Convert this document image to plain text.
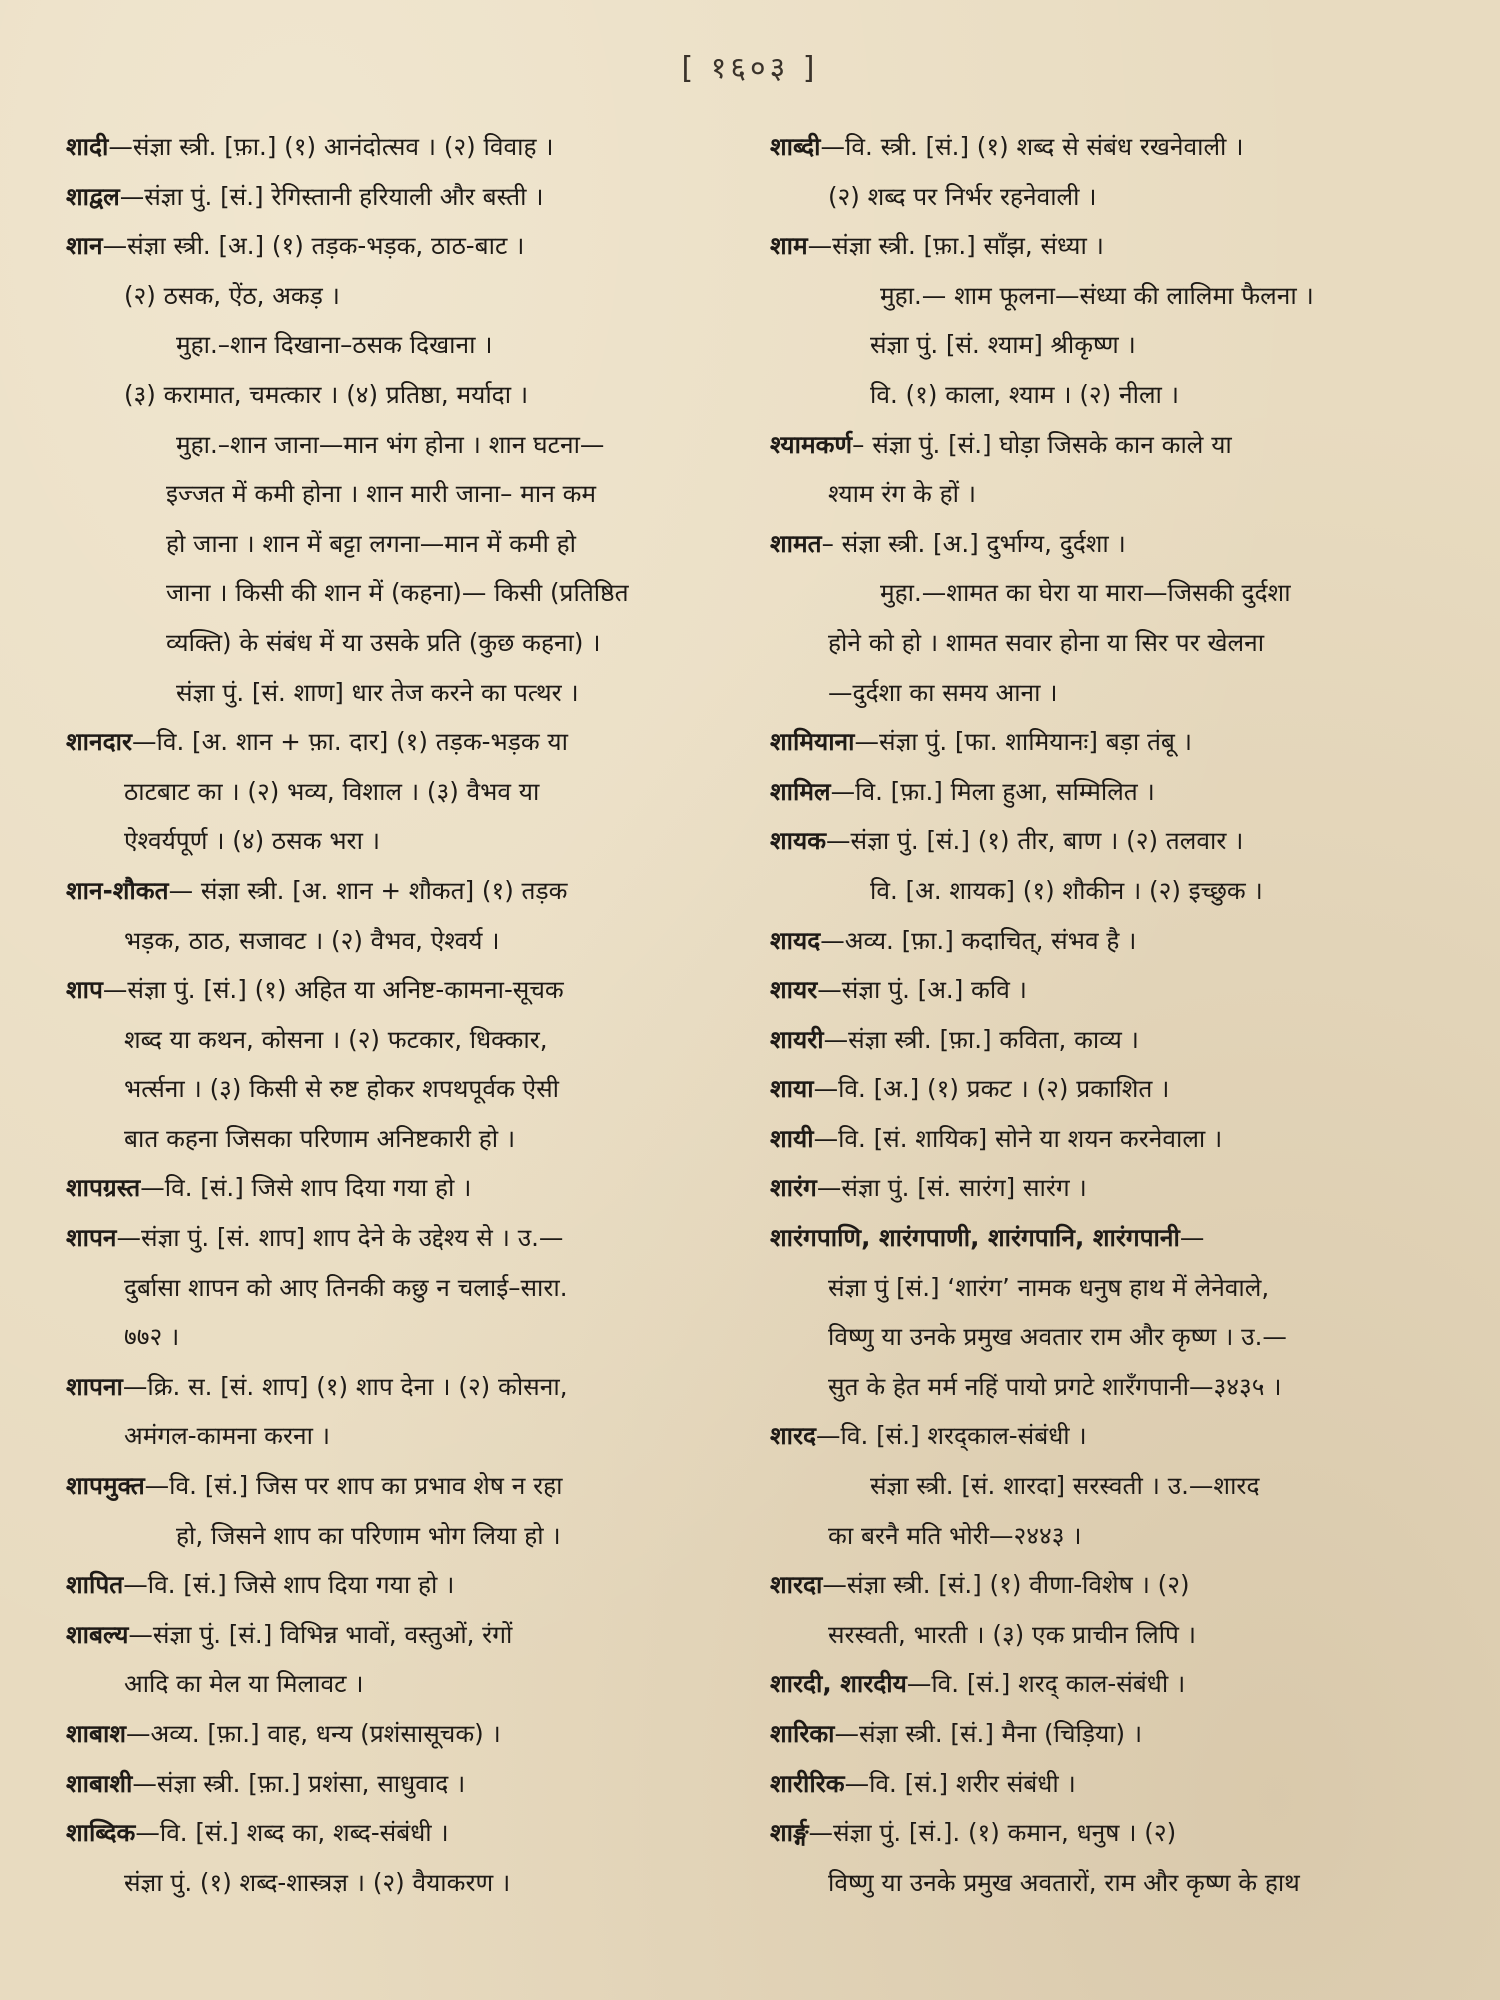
[ १६०३ ]
शादी—संज्ञा स्त्री. [फ़ा.] (१) आनंदोत्सव । (२) विवाह ।
शाद्वल—संज्ञा पुं. [सं.] रेगिस्तानी हरियाली और बस्ती ।
शान—संज्ञा स्त्री. [अ.] (१) तड़क-भड़क, ठाठ-बाट ।
(२) ठसक, ऐंठ, अकड़ ।
मुहा.–शान दिखाना–ठसक दिखाना ।
(३) करामात, चमत्कार । (४) प्रतिष्ठा, मर्यादा ।
मुहा.–शान जाना—मान भंग होना । शान घटना—
इज्जत में कमी होना । शान मारी जाना– मान कम
हो जाना । शान में बट्टा लगना—मान में कमी हो
जाना । किसी की शान में (कहना)— किसी (प्रतिष्ठित
व्यक्ति) के संबंध में या उसके प्रति (कुछ कहना) ।
संज्ञा पुं. [सं. शाण] धार तेज करने का पत्थर ।
शानदार—वि. [अ. शान + फ़ा. दार] (१) तड़क-भड़क या
ठाटबाट का । (२) भव्य, विशाल । (३) वैभव या
ऐश्वर्यपूर्ण । (४) ठसक भरा ।
शान-शौकत— संज्ञा स्त्री. [अ. शान + शौकत] (१) तड़क
भड़क, ठाठ, सजावट । (२) वैभव, ऐश्वर्य ।
शाप—संज्ञा पुं. [सं.] (१) अहित या अनिष्ट-कामना-सूचक
शब्द या कथन, कोसना । (२) फटकार, धिक्कार,
भर्त्सना । (३) किसी से रुष्ट होकर शपथपूर्वक ऐसी
बात कहना जिसका परिणाम अनिष्टकारी हो ।
शापग्रस्त—वि. [सं.] जिसे शाप दिया गया हो ।
शापन—संज्ञा पुं. [सं. शाप] शाप देने के उद्देश्य से । उ.—
दुर्बासा शापन को आए तिनकी कछु न चलाई–सारा.
७७२ ।
शापना—क्रि. स. [सं. शाप] (१) शाप देना । (२) कोसना,
अमंगल-कामना करना ।
शापमुक्त—वि. [सं.] जिस पर शाप का प्रभाव शेष न रहा
हो, जिसने शाप का परिणाम भोग लिया हो ।
शापित—वि. [सं.] जिसे शाप दिया गया हो ।
शाबल्य—संज्ञा पुं. [सं.] विभिन्न भावों, वस्तुओं, रंगों
आदि का मेल या मिलावट ।
शाबाश—अव्य. [फ़ा.] वाह, धन्य (प्रशंसासूचक) ।
शाबाशी—संज्ञा स्त्री. [फ़ा.] प्रशंसा, साधुवाद ।
शाब्दिक—वि. [सं.] शब्द का, शब्द-संबंधी ।
संज्ञा पुं. (१) शब्द-शास्त्रज्ञ । (२) वैयाकरण ।
शाब्दी—वि. स्त्री. [सं.] (१) शब्द से संबंध रखनेवाली ।
(२) शब्द पर निर्भर रहनेवाली ।
शाम—संज्ञा स्त्री. [फ़ा.] साँझ, संध्या ।
मुहा.— शाम फूलना—संध्या की लालिमा फैलना ।
संज्ञा पुं. [सं. श्याम] श्रीकृष्ण ।
वि. (१) काला, श्याम । (२) नीला ।
श्यामकर्ण– संज्ञा पुं. [सं.] घोड़ा जिसके कान काले या
श्याम रंग के हों ।
शामत– संज्ञा स्त्री. [अ.] दुर्भाग्य, दुर्दशा ।
मुहा.—शामत का घेरा या मारा—जिसकी दुर्दशा
होने को हो । शामत सवार होना या सिर पर खेलना
—दुर्दशा का समय आना ।
शामियाना—संज्ञा पुं. [फा. शामियानः] बड़ा तंबू ।
शामिल—वि. [फ़ा.] मिला हुआ, सम्मिलित ।
शायक—संज्ञा पुं. [सं.] (१) तीर, बाण । (२) तलवार ।
वि. [अ. शायक] (१) शौकीन । (२) इच्छुक ।
शायद—अव्य. [फ़ा.] कदाचित्, संभव है ।
शायर—संज्ञा पुं. [अ.] कवि ।
शायरी—संज्ञा स्त्री. [फ़ा.] कविता, काव्य ।
शाया—वि. [अ.] (१) प्रकट । (२) प्रकाशित ।
शायी—वि. [सं. शायिक] सोने या शयन करनेवाला ।
शारंग—संज्ञा पुं. [सं. सारंग] सारंग ।
शारंगपाणि, शारंगपाणी, शारंगपानि, शारंगपानी—
संज्ञा पुं [सं.] ‘शारंग’ नामक धनुष हाथ में लेनेवाले,
विष्णु या उनके प्रमुख अवतार राम और कृष्ण । उ.—
सुत के हेत मर्म नहिं पायो प्रगटे शारँगपानी—३४३५ ।
शारद—वि. [सं.] शरद्काल-संबंधी ।
संज्ञा स्त्री. [सं. शारदा] सरस्वती । उ.—शारद
का बरनै मति भोरी—२४४३ ।
शारदा—संज्ञा स्त्री. [सं.] (१) वीणा-विशेष । (२)
सरस्वती, भारती । (३) एक प्राचीन लिपि ।
शारदी, शारदीय—वि. [सं.] शरद् काल-संबंधी ।
शारिका—संज्ञा स्त्री. [सं.] मैना (चिड़िया) ।
शारीरिक—वि. [सं.] शरीर संबंधी ।
शार्ङ्ग—संज्ञा पुं. [सं.]. (१) कमान, धनुष । (२)
विष्णु या उनके प्रमुख अवतारों, राम और कृष्ण के हाथ
